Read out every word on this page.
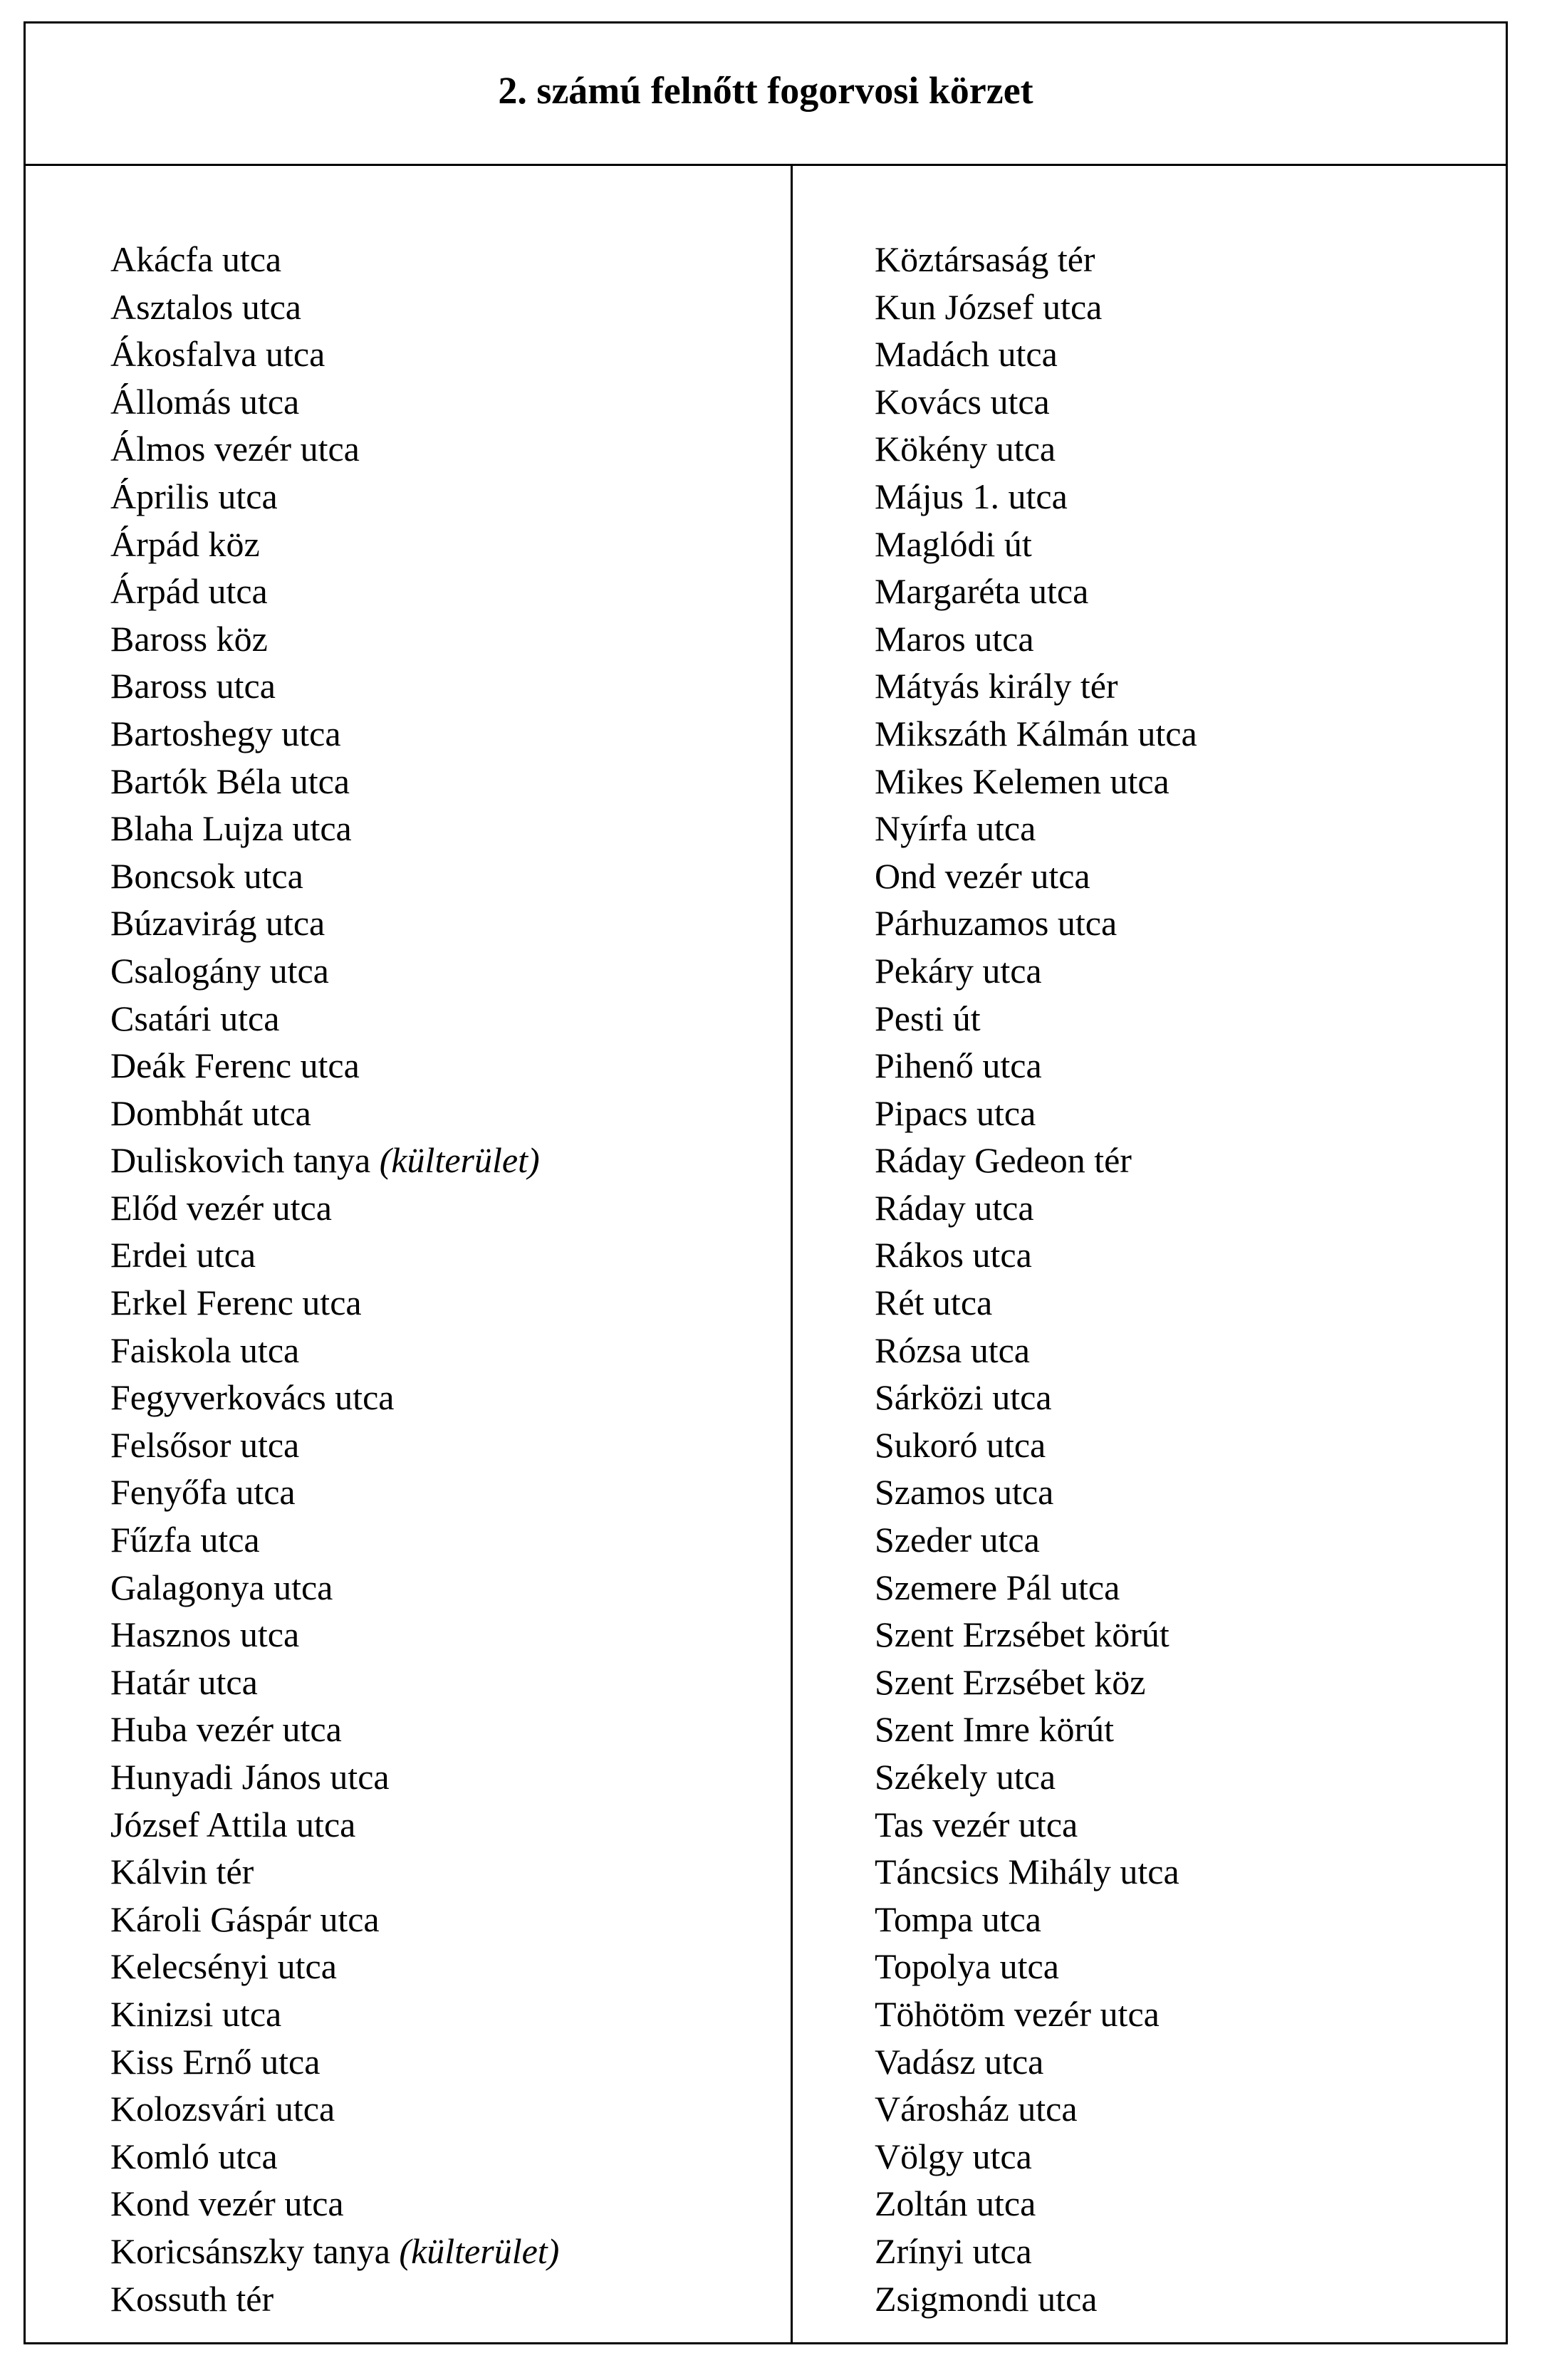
2. számú felnőtt fogorvosi körzet
Akácfa utca
Asztalos utca
Ákosfalva utca
Állomás utca
Álmos vezér utca
Április utca
Árpád köz
Árpád utca
Baross köz
Baross utca
Bartoshegy utca
Bartók Béla utca
Blaha Lujza utca
Boncsok utca
Búzavirág utca
Csalogány utca
Csatári utca
Deák Ferenc utca
Dombhát utca
Duliskovich tanya (külterület)
Előd vezér utca
Erdei utca
Erkel Ferenc utca
Faiskola utca
Fegyverkovács utca
Felsősor utca
Fenyőfa utca
Fűzfa utca
Galagonya utca
Hasznos utca
Határ utca
Huba vezér utca
Hunyadi János utca
József Attila utca
Kálvin tér
Károli Gáspár utca
Kelecsényi utca
Kinizsi utca
Kiss Ernő utca
Kolozsvári utca
Komló utca
Kond vezér utca
Koricsánszky tanya (külterület)
Kossuth tér
Köztársaság tér
Kun József utca
Madách utca
Kovács utca
Kökény utca
Május 1. utca
Maglódi út
Margaréta utca
Maros utca
Mátyás király tér
Mikszáth Kálmán utca
Mikes Kelemen utca
Nyírfa utca
Ond vezér utca
Párhuzamos utca
Pekáry utca
Pesti út
Pihenő utca
Pipacs utca
Ráday Gedeon tér
Ráday utca
Rákos utca
Rét utca
Rózsa utca
Sárközi utca
Sukoró utca
Szamos utca
Szeder utca
Szemere Pál utca
Szent Erzsébet körút
Szent Erzsébet köz
Szent Imre körút
Székely utca
Tas vezér utca
Táncsics Mihály utca
Tompa utca
Topolya utca
Töhötöm vezér utca
Vadász utca
Városház utca
Völgy utca
Zoltán utca
Zrínyi utca
Zsigmondi utca
